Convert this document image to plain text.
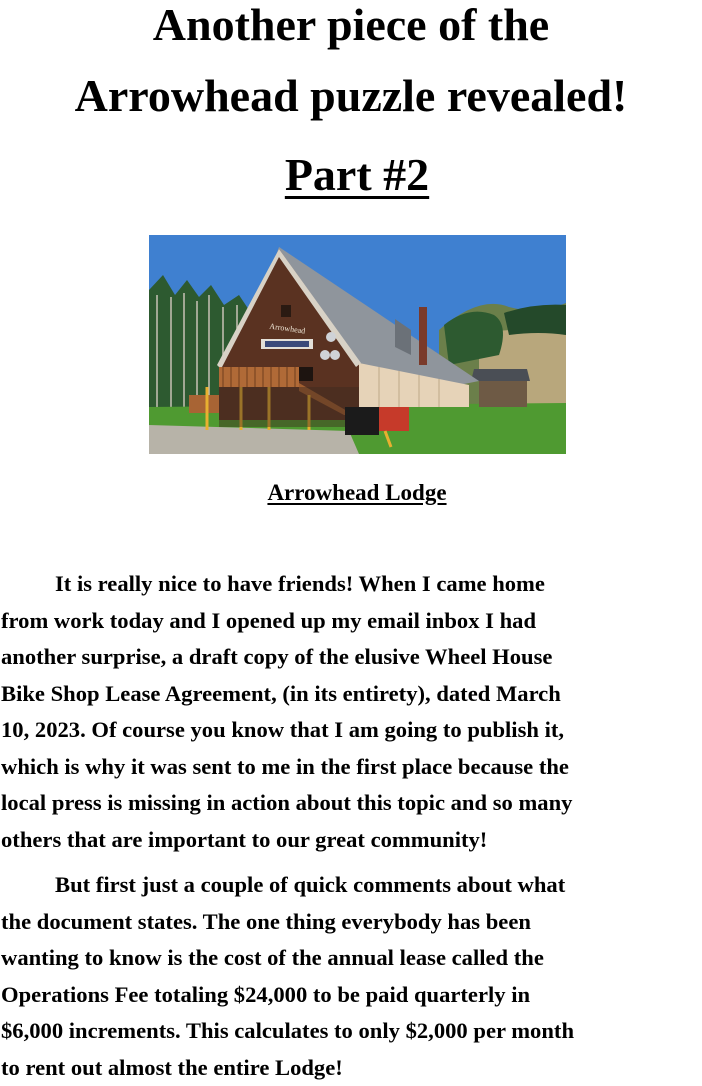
Another piece of the
Arrowhead puzzle revealed!
Part #2
Arrowhead
Arrowhead Lodge

It is really nice to have friends! When I came home
from work today and I opened up my email inbox I had
another surprise, a draft copy of the elusive Wheel House
Bike Shop Lease Agreement, (in its entirety), dated March
10, 2023. Of course you know that I am going to publish it,
which is why it was sent to me in the first place because the
local press is missing in action about this topic and so many
others that are important to our great community!

But first just a couple of quick comments about what
the document states. The one thing everybody has been
wanting to know is the cost of the annual lease called the
Operations Fee totaling $24,000 to be paid quarterly in
$6,000 increments. This calculates to only $2,000 per month
to rent out almost the entire Lodge!
